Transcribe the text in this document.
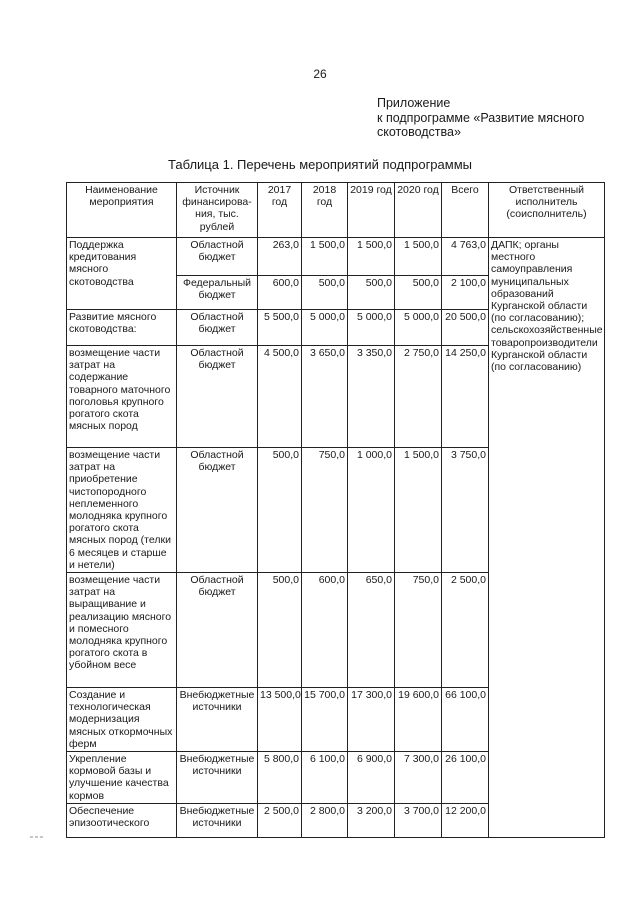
26
Приложение
к подпрограмме «Развитие мясного
скотоводства»
Таблица 1. Перечень мероприятий подпрограммы
Наименование мероприятия	Источник финансирова-ния, тыс. рублей	2017 год	2018 год	2019 год	2020 год	Всего	Ответственный исполнитель (соисполнитель)
Поддержка кредитования мясного скотоводства	Областной бюджет	263,0	1 500,0	1 500,0	1 500,0	4 763,0	ДАПК; органы местного самоуправления муниципальных образований Курганской области (по согласованию); сельскохозяйственные товаропроизводители Курганской области (по согласованию)
	Федеральный бюджет	600,0	500,0	500,0	500,0	2 100,0	
Развитие мясного скотоводства:	Областной бюджет	5 500,0	5 000,0	5 000,0	5 000,0	20 500,0	
возмещение части затрат на содержание товарного маточного поголовья крупного рогатого скота мясных пород	Областной бюджет	4 500,0	3 650,0	3 350,0	2 750,0	14 250,0	
возмещение части затрат на приобретение чистопородного неплеменного молодняка крупного рогатого скота мясных пород (телки 6 месяцев и старше и нетели)	Областной бюджет	500,0	750,0	1 000,0	1 500,0	3 750,0	
возмещение части затрат на выращивание и реализацию мясного и помесного молодняка крупного рогатого скота в убойном весе	Областной бюджет	500,0	600,0	650,0	750,0	2 500,0	
Создание и технологическая модернизация мясных откормочных ферм	Внебюджетные источники	13 500,0	15 700,0	17 300,0	19 600,0	66 100,0	
Укрепление кормовой базы и улучшение качества кормов	Внебюджетные источники	5 800,0	6 100,0	6 900,0	7 300,0	26 100,0	
Обеспечение эпизоотического	Внебюджетные источники	2 500,0	2 800,0	3 200,0	3 700,0	12 200,0	
